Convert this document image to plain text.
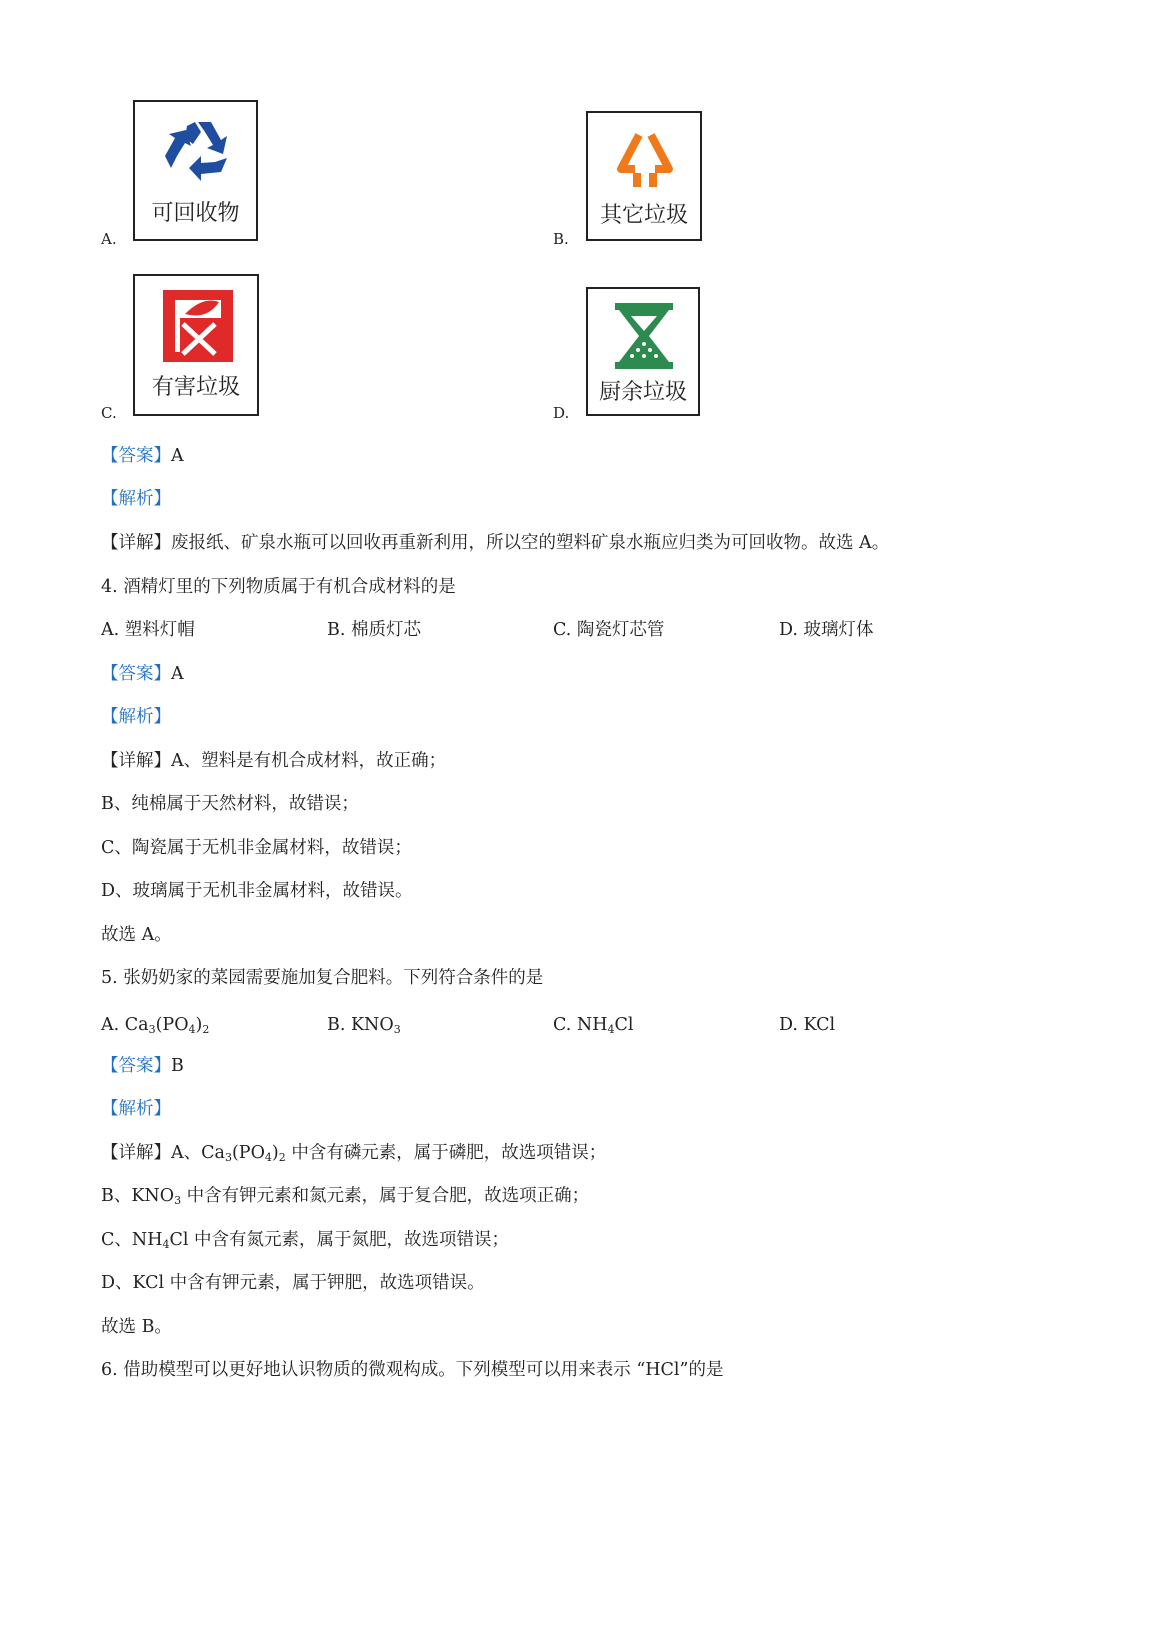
可回收物
A.
其它垃圾
B.
有害垃圾
C.
厨余垃圾
D.
【答案】A
【解析】
【详解】废报纸、矿泉水瓶可以回收再重新利用，所以空的塑料矿泉水瓶应归类为可回收物。故选 A。
4. 酒精灯里的下列物质属于有机合成材料的是
A. 塑料灯帽	B. 棉质灯芯	C. 陶瓷灯芯管	D. 玻璃灯体
【答案】A
【解析】
【详解】A、塑料是有机合成材料，故正确；
B、纯棉属于天然材料，故错误；
C、陶瓷属于无机非金属材料，故错误；
D、玻璃属于无机非金属材料，故错误。
故选 A。
5. 张奶奶家的菜园需要施加复合肥料。下列符合条件的是
A. $Ca_3(PO_4)_2$	B. $KNO_3$	C. $NH_4Cl$	D. KCl
【答案】B
【解析】
【详解】A、$Ca_3(PO_4)_2$ 中含有磷元素，属于磷肥，故选项错误；
B、$KNO_3$ 中含有钾元素和氮元素，属于复合肥，故选项正确；
C、$NH_4Cl$ 中含有氮元素，属于氮肥，故选项错误；
D、KCl 中含有钾元素，属于钾肥，故选项错误。
故选 B。
6. 借助模型可以更好地认识物质的微观构成。下列模型可以用来表示 “HCl”的是
